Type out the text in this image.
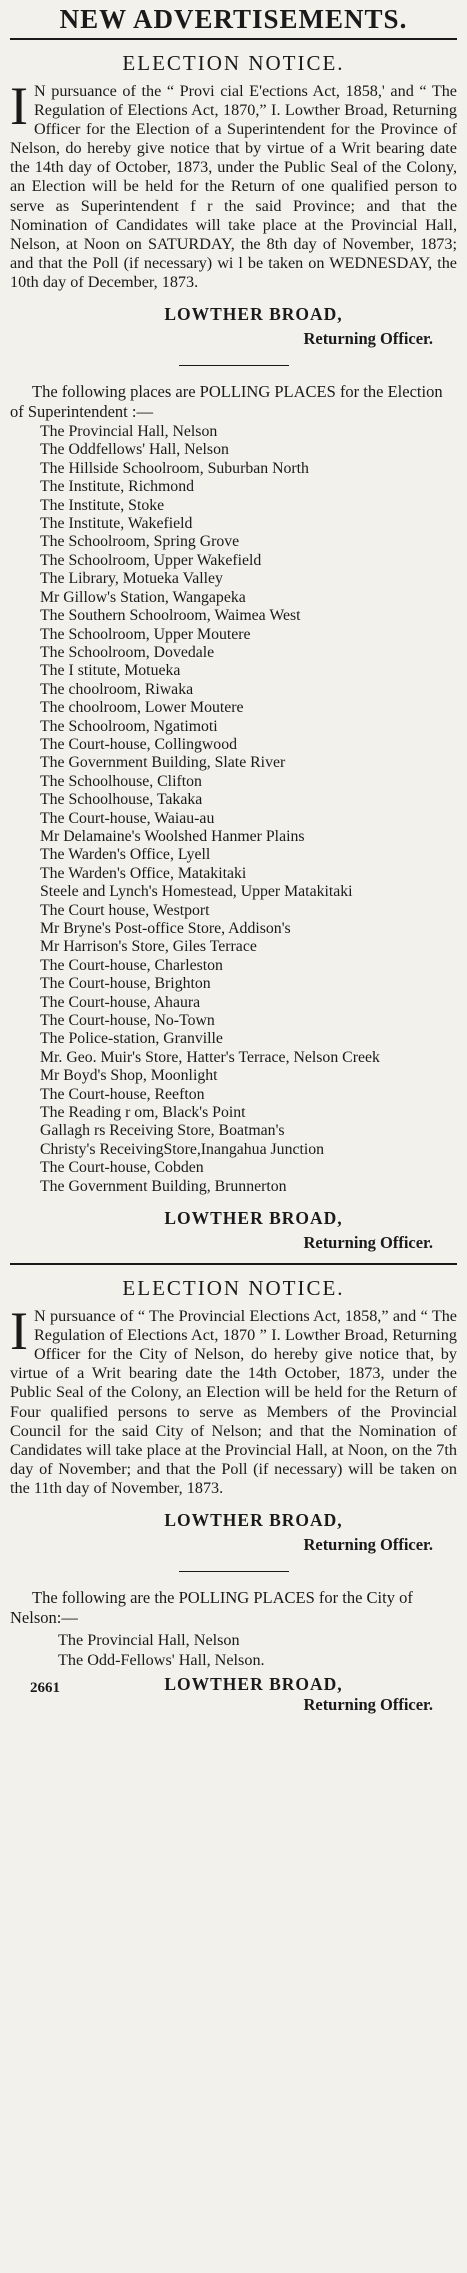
NEW ADVERTISEMENTS.
ELECTION NOTICE.
I N pursuance of the “ Provi cial E'ections Act, 1858,' and “ The Regulation of Elections Act, 1870,” I. Lowther Broad, Returning Officer for the Election of a Superintendent for the Province of Nelson, do hereby give notice that by virtue of a Writ bearing date the 14th day of October, 1873, under the Public Seal of the Colony, an Election will be held for the Return of one qualified person to serve as Superintendent f r the said Province; and that the Nomination of Candidates will take place at the Provincial Hall, Nelson, at Noon on SATURDAY, the 8th day of November, 1873; and that the Poll (if necessary) wi l be taken on WEDNESDAY, the 10th day of December, 1873.

LOWTHER BROAD,
Returning Officer.

The following places are POLLING PLACES for the Election of Superintendent :—

The Provincial Hall, Nelson
The Oddfellows' Hall, Nelson
The Hillside Schoolroom, Suburban North
The Institute, Richmond
The Institute, Stoke
The Institute, Wakefield
The Schoolroom, Spring Grove
The Schoolroom, Upper Wakefield
The Library, Motueka Valley
Mr Gillow's Station, Wangapeka
The Southern Schoolroom, Waimea West
The Schoolroom, Upper Moutere
The Schoolroom, Dovedale
The I stitute, Motueka
The choolroom, Riwaka
The choolroom, Lower Moutere
The Schoolroom, Ngatimoti
The Court-house, Collingwood
The Government Building, Slate River
The Schoolhouse, Clifton
The Schoolhouse, Takaka
The Court-house, Waiau-au
Mr Delamaine's Woolshed Hanmer Plains
The Warden's Office, Lyell
The Warden's Office, Matakitaki
Steele and Lynch's Homestead, Upper Matakitaki
The Court house, Westport
Mr Bryne's Post-office Store, Addison's
Mr Harrison's Store, Giles Terrace
The Court-house, Charleston
The Court-house, Brighton
The Court-house, Ahaura
The Court-house, No-Town
The Police-station, Granville
Mr. Geo. Muir's Store, Hatter's Terrace, Nelson Creek
Mr Boyd's Shop, Moonlight
The Court-house, Reefton
The Reading r om, Black's Point
Gallagh rs Receiving Store, Boatman's
Christy's ReceivingStore,Inangahua Junction
The Court-house, Cobden
The Government Building, Brunnerton
LOWTHER BROAD,
Returning Officer.
ELECTION NOTICE.
I N pursuance of “ The Provincial Elections Act, 1858,” and “ The Regulation of Elections Act, 1870 ” I. Lowther Broad, Returning Officer for the City of Nelson, do hereby give notice that, by virtue of a Writ bearing date the 14th October, 1873, under the Public Seal of the Colony, an Election will be held for the Return of Four qualified persons to serve as Members of the Provincial Council for the said City of Nelson; and that the Nomination of Candidates will take place at the Provincial Hall, at Noon, on the 7th day of November; and that the Poll (if necessary) will be taken on the 11th day of November, 1873.

LOWTHER BROAD,
Returning Officer.

The following are the POLLING PLACES for the City of Nelson:—

The Provincial Hall, Nelson
The Odd-Fellows' Hall, Nelson.
2661	LOWTHER BROAD,
Returning Officer.
